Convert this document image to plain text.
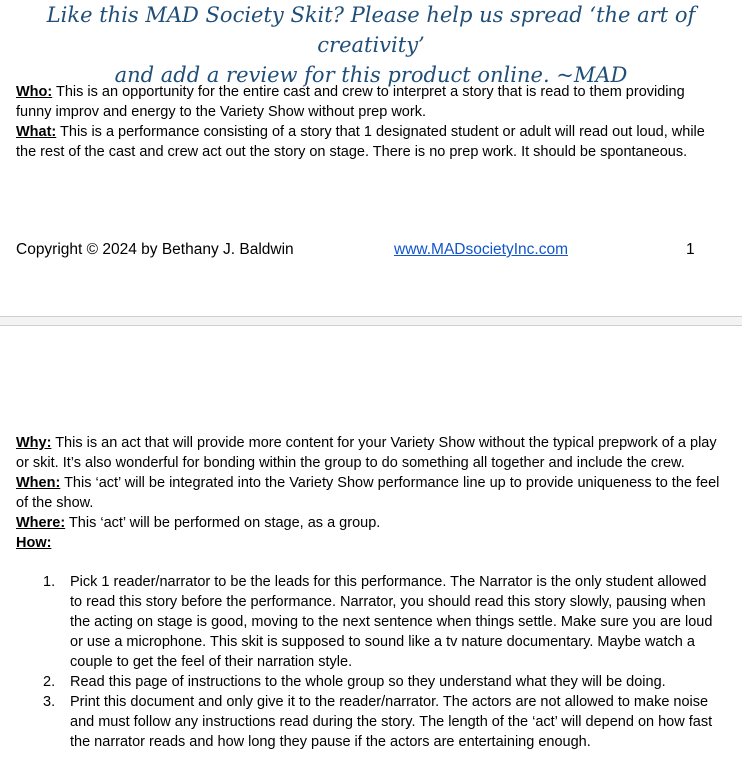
Like this MAD Society Skit? Please help us spread ‘the art of creativity’
and add a review for this product online. ~MAD

Who: This is an opportunity for the entire cast and crew to interpret a story that is read to them providing funny improv and energy to the Variety Show without prep work.
What: This is a performance consisting of a story that 1 designated student or adult will read out loud, while the rest of the cast and crew act out the story on stage. There is no prep work. It should be spontaneous.

Copyright © 2024 by Bethany J. Baldwin	www.MADsocietyInc.com	1

Why: This is an act that will provide more content for your Variety Show without the typical prepwork of a play or skit. It’s also wonderful for bonding within the group to do something all together and include the crew.
When: This ‘act’ will be integrated into the Variety Show performance line up to provide uniqueness to the feel of the show.
Where: This ‘act’ will be performed on stage, as a group.
How:

1. Pick 1 reader/narrator to be the leads for this performance. The Narrator is the only student allowed to read this story before the performance. Narrator, you should read this story slowly, pausing when the acting on stage is good, moving to the next sentence when things settle. Make sure you are loud or use a microphone. This skit is supposed to sound like a tv nature documentary. Maybe watch a couple to get the feel of their narration style.
2. Read this page of instructions to the whole group so they understand what they will be doing.
3. Print this document and only give it to the reader/narrator. The actors are not allowed to make noise and must follow any instructions read during the story. The length of the ‘act’ will depend on how fast the narrator reads and how long they pause if the actors are entertaining enough.
